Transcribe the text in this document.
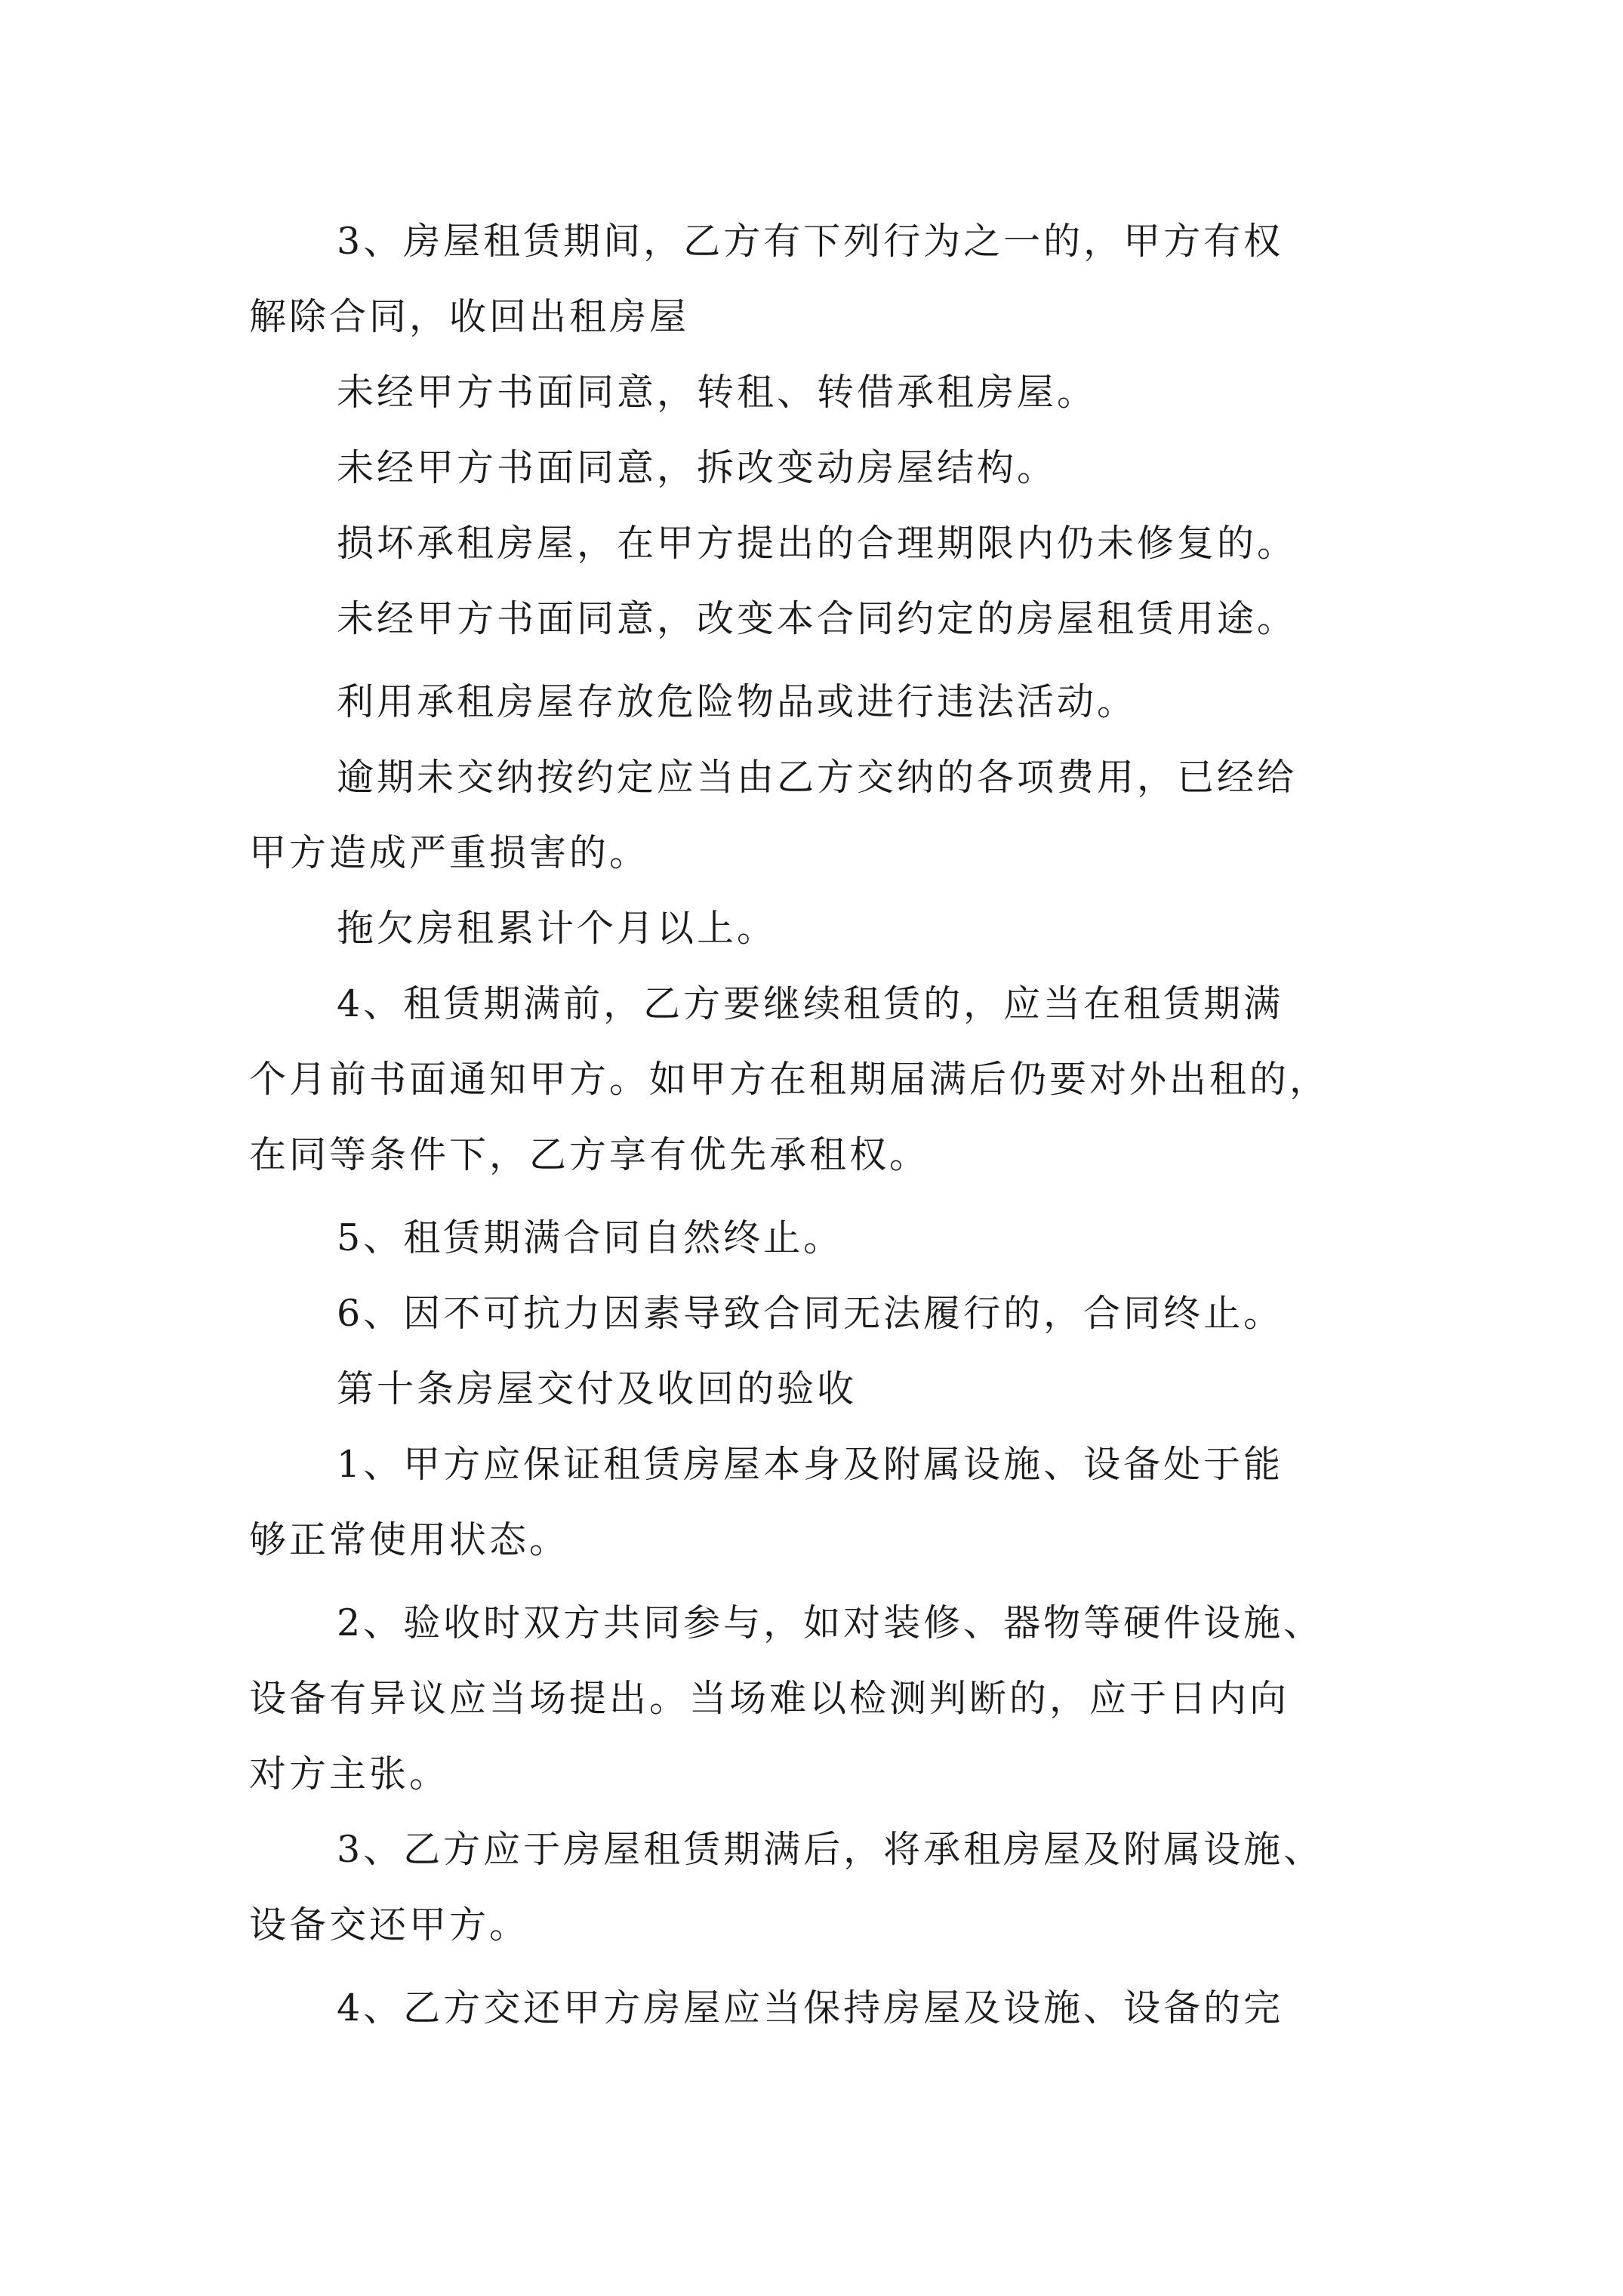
3、房屋租赁期间，乙方有下列行为之一的，甲方有权
解除合同，收回出租房屋
未经甲方书面同意，转租、转借承租房屋。
未经甲方书面同意，拆改变动房屋结构。
损坏承租房屋，在甲方提出的合理期限内仍未修复的。
未经甲方书面同意，改变本合同约定的房屋租赁用途。
利用承租房屋存放危险物品或进行违法活动。
逾期未交纳按约定应当由乙方交纳的各项费用，已经给
甲方造成严重损害的。
拖欠房租累计个月以上。
4、租赁期满前，乙方要继续租赁的，应当在租赁期满
个月前书面通知甲方。如甲方在租期届满后仍要对外出租的，
在同等条件下，乙方享有优先承租权。
5、租赁期满合同自然终止。
6、因不可抗力因素导致合同无法履行的，合同终止。
第十条房屋交付及收回的验收
1、甲方应保证租赁房屋本身及附属设施、设备处于能
够正常使用状态。
2、验收时双方共同参与，如对装修、器物等硬件设施、
设备有异议应当场提出。当场难以检测判断的，应于日内向
对方主张。
3、乙方应于房屋租赁期满后，将承租房屋及附属设施、
设备交还甲方。
4、乙方交还甲方房屋应当保持房屋及设施、设备的完
